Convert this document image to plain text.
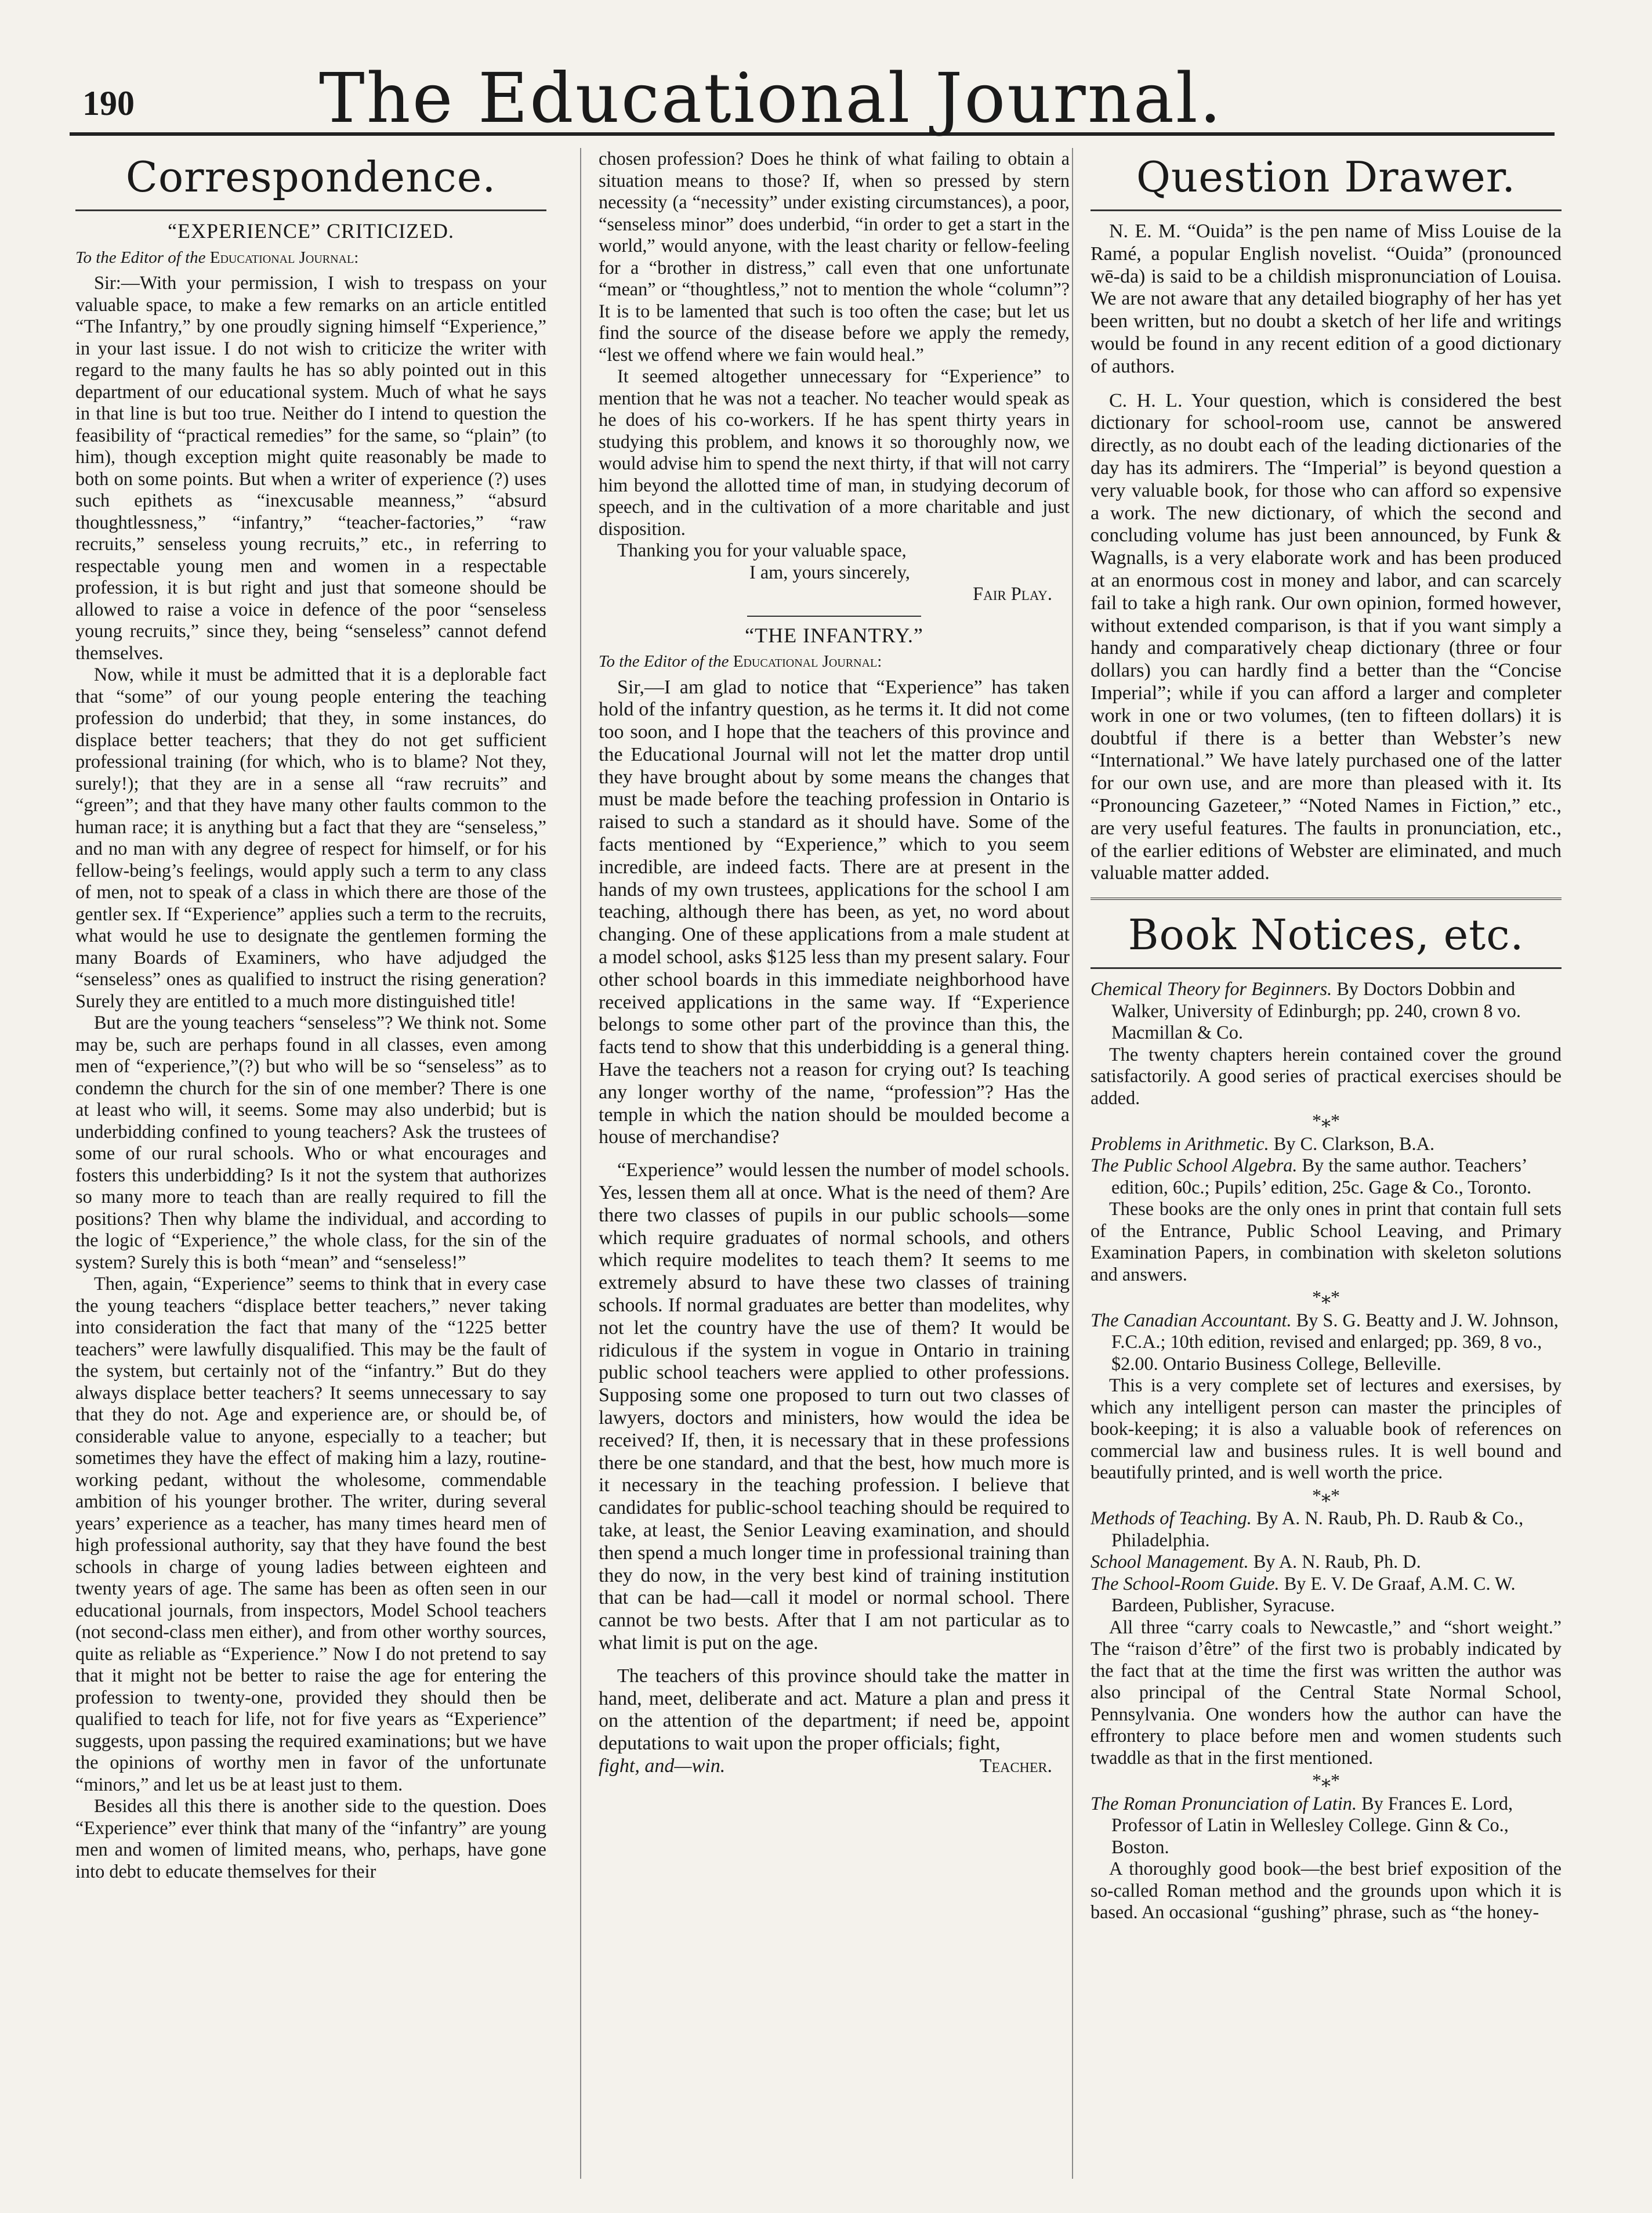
190	The Educational Journal.
Correspondence.
“EXPERIENCE” CRITICIZED.

To the Editor of the Educational Journal:

Sir:—With your permission, I wish to trespass on your valuable space, to make a few remarks on an article entitled “The Infantry,” by one proudly signing himself “Experience,” in your last issue. I do not wish to criticize the writer with regard to the many faults he has so ably pointed out in this department of our educational system. Much of what he says in that line is but too true. Neither do I intend to question the feasibility of “practical remedies” for the same, so “plain” (to him), though exception might quite reasonably be made to both on some points. But when a writer of experience (?) uses such epithets as “inexcusable meanness,” “absurd thoughtlessness,” “infantry,” “teacher-factories,” “raw recruits,” senseless young recruits,” etc., in referring to respectable young men and women in a respectable profession, it is but right and just that someone should be allowed to raise a voice in defence of the poor “senseless young recruits,” since they, being “senseless” cannot defend themselves.

Now, while it must be admitted that it is a deplorable fact that “some” of our young people entering the teaching profession do underbid; that they, in some instances, do displace better teachers; that they do not get sufficient professional training (for which, who is to blame? Not they, surely!); that they are in a sense all “raw recruits” and “green”; and that they have many other faults common to the human race; it is anything but a fact that they are “senseless,” and no man with any degree of respect for himself, or for his fellow-being’s feelings, would apply such a term to any class of men, not to speak of a class in which there are those of the gentler sex. If “Experience” applies such a term to the recruits, what would he use to designate the gentlemen forming the many Boards of Examiners, who have adjudged the “senseless” ones as qualified to instruct the rising generation? Surely they are entitled to a much more distinguished title!

But are the young teachers “senseless”? We think not. Some may be, such are perhaps found in all classes, even among men of “experience,”(?) but who will be so “senseless” as to condemn the church for the sin of one member? There is one at least who will, it seems. Some may also underbid; but is underbidding confined to young teachers? Ask the trustees of some of our rural schools. Who or what encourages and fosters this underbidding? Is it not the system that authorizes so many more to teach than are really required to fill the positions? Then why blame the individual, and according to the logic of “Experience,” the whole class, for the sin of the system? Surely this is both “mean” and “senseless!”

Then, again, “Experience” seems to think that in every case the young teachers “displace better teachers,” never taking into consideration the fact that many of the “1225 better teachers” were lawfully disqualified. This may be the fault of the system, but certainly not of the “infantry.” But do they always displace better teachers? It seems unnecessary to say that they do not. Age and experience are, or should be, of considerable value to anyone, especially to a teacher; but sometimes they have the effect of making him a lazy, routine-working pedant, without the wholesome, commendable ambition of his younger brother. The writer, during several years’ experience as a teacher, has many times heard men of high professional authority, say that they have found the best schools in charge of young ladies between eighteen and twenty years of age. The same has been as often seen in our educational journals, from inspectors, Model School teachers (not second-class men either), and from other worthy sources, quite as reliable as “Experience.” Now I do not pretend to say that it might not be better to raise the age for entering the profession to twenty-one, provided they should then be qualified to teach for life, not for five years as “Experience” suggests, upon passing the required examinations; but we have the opinions of worthy men in favor of the unfortunate “minors,” and let us be at least just to them.

Besides all this there is another side to the question. Does “Experience” ever think that many of the “infantry” are young men and women of limited means, who, perhaps, have gone into debt to educate themselves for their

chosen profession? Does he think of what failing to obtain a situation means to those? If, when so pressed by stern necessity (a “necessity” under existing circumstances), a poor, “senseless minor” does underbid, “in order to get a start in the world,” would anyone, with the least charity or fellow-feeling for a “brother in distress,” call even that one unfortunate “mean” or “thoughtless,” not to mention the whole “column”? It is to be lamented that such is too often the case; but let us find the source of the disease before we apply the remedy, “lest we offend where we fain would heal.”

It seemed altogether unnecessary for “Experience” to mention that he was not a teacher. No teacher would speak as he does of his co-workers. If he has spent thirty years in studying this problem, and knows it so thoroughly now, we would advise him to spend the next thirty, if that will not carry him beyond the allotted time of man, in studying decorum of speech, and in the cultivation of a more charitable and just disposition.

Thanking you for your valuable space,

I am, yours sincerely,

Fair Play.

“THE INFANTRY.”

To the Editor of the Educational Journal:

Sir,—I am glad to notice that “Experience” has taken hold of the infantry question, as he terms it. It did not come too soon, and I hope that the teachers of this province and the Educational Journal will not let the matter drop until they have brought about by some means the changes that must be made before the teaching profession in Ontario is raised to such a standard as it should have. Some of the facts mentioned by “Experience,” which to you seem incredible, are indeed facts. There are at present in the hands of my own trustees, applications for the school I am teaching, although there has been, as yet, no word about changing. One of these applications from a male student at a model school, asks $125 less than my present salary. Four other school boards in this immediate neighborhood have received applications in the same way. If “Experience belongs to some other part of the province than this, the facts tend to show that this underbidding is a general thing. Have the teachers not a reason for crying out? Is teaching any longer worthy of the name, “profession”? Has the temple in which the nation should be moulded become a house of merchandise?

“Experience” would lessen the number of model schools. Yes, lessen them all at once. What is the need of them? Are there two classes of pupils in our public schools—some which require graduates of normal schools, and others which require modelites to teach them? It seems to me extremely absurd to have these two classes of training schools. If normal graduates are better than modelites, why not let the country have the use of them? It would be ridiculous if the system in vogue in Ontario in training public school teachers were applied to other professions. Supposing some one proposed to turn out two classes of lawyers, doctors and ministers, how would the idea be received? If, then, it is necessary that in these professions there be one standard, and that the best, how much more is it necessary in the teaching profession. I believe that candidates for public-school teaching should be required to take, at least, the Senior Leaving examination, and should then spend a much longer time in professional training than they do now, in the very best kind of training institution that can be had—call it model or normal school. There cannot be two bests. After that I am not particular as to what limit is put on the age.

The teachers of this province should take the matter in hand, meet, deliberate and act. Mature a plan and press it on the attention of the department; if need be, appoint deputations to wait upon the proper officials; fight,

fight, and—win.	Teacher.
Question Drawer.

N. E. M. “Ouida” is the pen name of Miss Louise de la Ramé, a popular English novelist. “Ouida” (pronounced wē-da) is said to be a childish mispronunciation of Louisa. We are not aware that any detailed biography of her has yet been written, but no doubt a sketch of her life and writings would be found in any recent edition of a good dictionary of authors.

C. H. L. Your question, which is considered the best dictionary for school-room use, cannot be answered directly, as no doubt each of the leading dictionaries of the day has its admirers. The “Imperial” is beyond question a very valuable book, for those who can afford so expensive a work. The new dictionary, of which the second and concluding volume has just been announced, by Funk & Wagnalls, is a very elaborate work and has been produced at an enormous cost in money and labor, and can scarcely fail to take a high rank. Our own opinion, formed however, without extended comparison, is that if you want simply a handy and comparatively cheap dictionary (three or four dollars) you can hardly find a better than the “Concise Imperial”; while if you can afford a larger and completer work in one or two volumes, (ten to fifteen dollars) it is doubtful if there is a better than Webster’s new “International.” We have lately purchased one of the latter for our own use, and are more than pleased with it. Its “Pronouncing Gazeteer,” “Noted Names in Fiction,” etc., are very useful features. The faults in pronunciation, etc., of the earlier editions of Webster are eliminated, and much valuable matter added.

Book Notices, etc.

Chemical Theory for Beginners. By Doctors Dobbin and Walker, University of Edinburgh; pp. 240, crown 8 vo. Macmillan & Co.

The twenty chapters herein contained cover the ground satisfactorily. A good series of practical exercises should be added.

*⁎*

Problems in Arithmetic. By C. Clarkson, B.A.

The Public School Algebra. By the same author. Teachers’ edition, 60c.; Pupils’ edition, 25c. Gage & Co., Toronto.

These books are the only ones in print that contain full sets of the Entrance, Public School Leaving, and Primary Examination Papers, in combination with skeleton solutions and answers.

*⁎*

The Canadian Accountant. By S. G. Beatty and J. W. Johnson, F.C.A.; 10th edition, revised and enlarged; pp. 369, 8 vo., $2.00. Ontario Business College, Belleville.

This is a very complete set of lectures and exersises, by which any intelligent person can master the principles of book-keeping; it is also a valuable book of references on commercial law and business rules. It is well bound and beautifully printed, and is well worth the price.

*⁎*

Methods of Teaching. By A. N. Raub, Ph. D. Raub & Co., Philadelphia.

School Management. By A. N. Raub, Ph. D.

The School-Room Guide. By E. V. De Graaf, A.M. C. W. Bardeen, Publisher, Syracuse.

All three “carry coals to Newcastle,” and “short weight.” The “raison d’être” of the first two is probably indicated by the fact that at the time the first was written the author was also principal of the Central State Normal School, Pennsylvania. One wonders how the author can have the effrontery to place before men and women students such twaddle as that in the first mentioned.

*⁎*

The Roman Pronunciation of Latin. By Frances E. Lord, Professor of Latin in Wellesley College. Ginn & Co., Boston.

A thoroughly good book—the best brief exposition of the so-called Roman method and the grounds upon which it is based. An occasional “gushing” phrase, such as “the honey-
